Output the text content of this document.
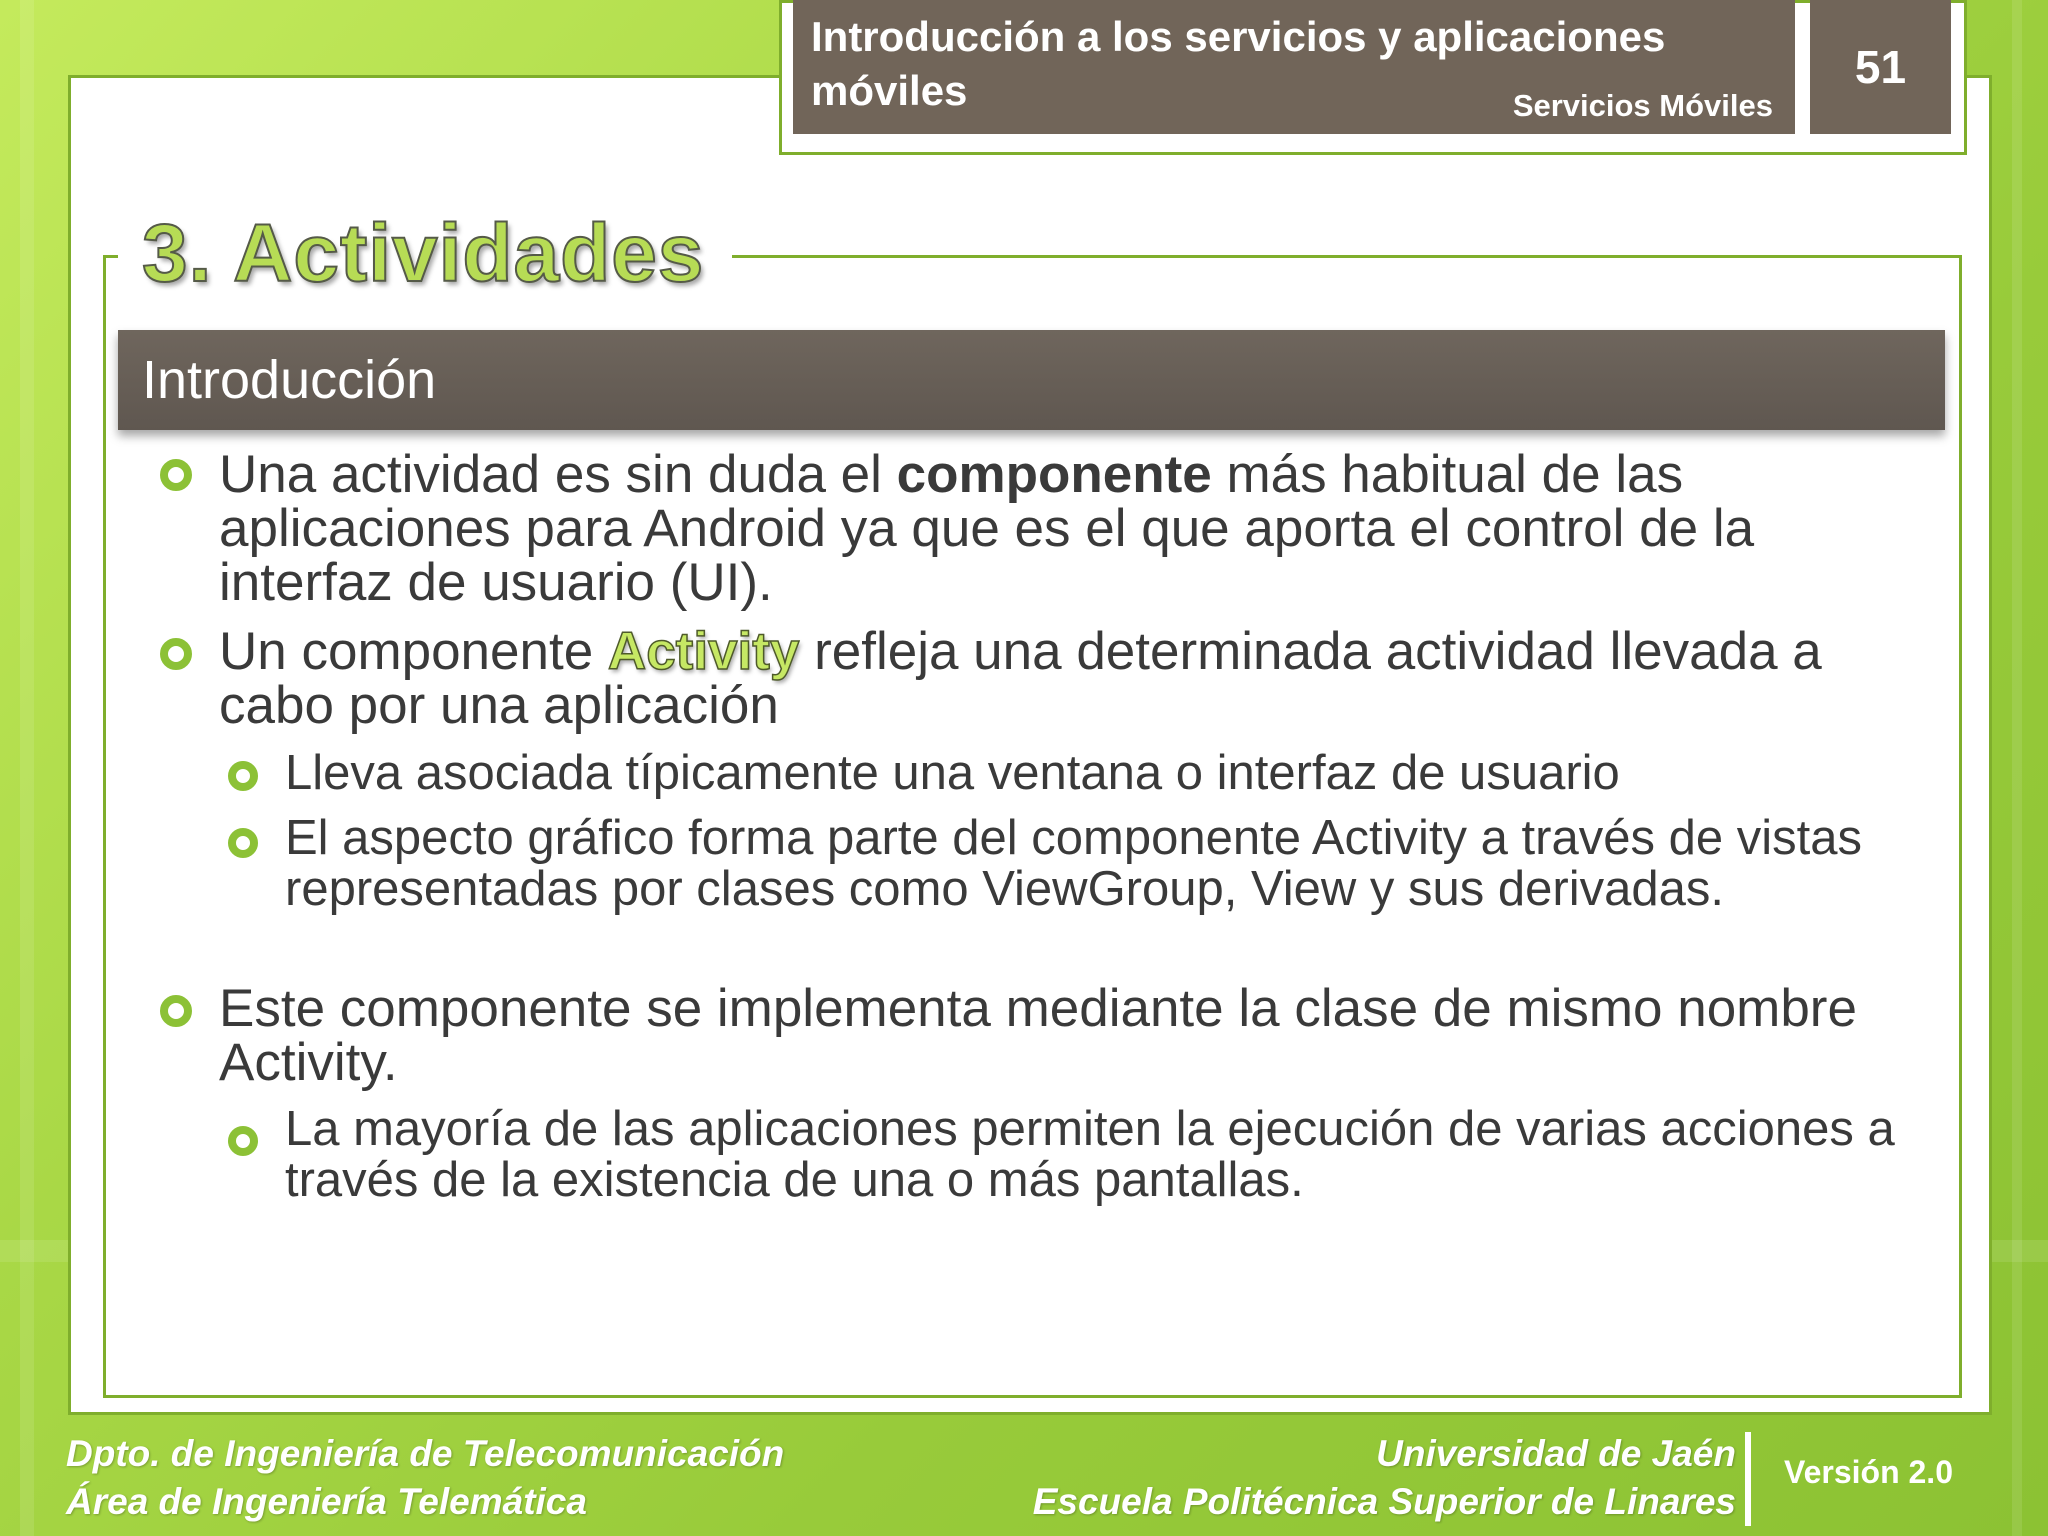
Introducción a los servicios y aplicaciones móviles	Servicios Móviles
51
3. Actividades
Introducción
Una actividad es sin duda el componente más habitual de las aplicaciones para Android ya que es el que aporta el control de la interfaz de usuario (UI).
Un componente Activity refleja una determinada actividad llevada a cabo por una aplicación
Lleva asociada típicamente una ventana o interfaz de usuario
El aspecto gráfico forma parte del componente Activity a través de vistas representadas por clases como ViewGroup, View y sus derivadas.
La mayoría de las aplicaciones permiten la ejecución de varias acciones a través de la existencia de una o más pantallas.
Este componente se implementa mediante la clase de mismo nombre Activity.
Dpto. de Ingeniería de Telecomunicación
Área de Ingeniería Telemática
Universidad de Jaén
Escuela Politécnica Superior de Linares
Versión 2.0
